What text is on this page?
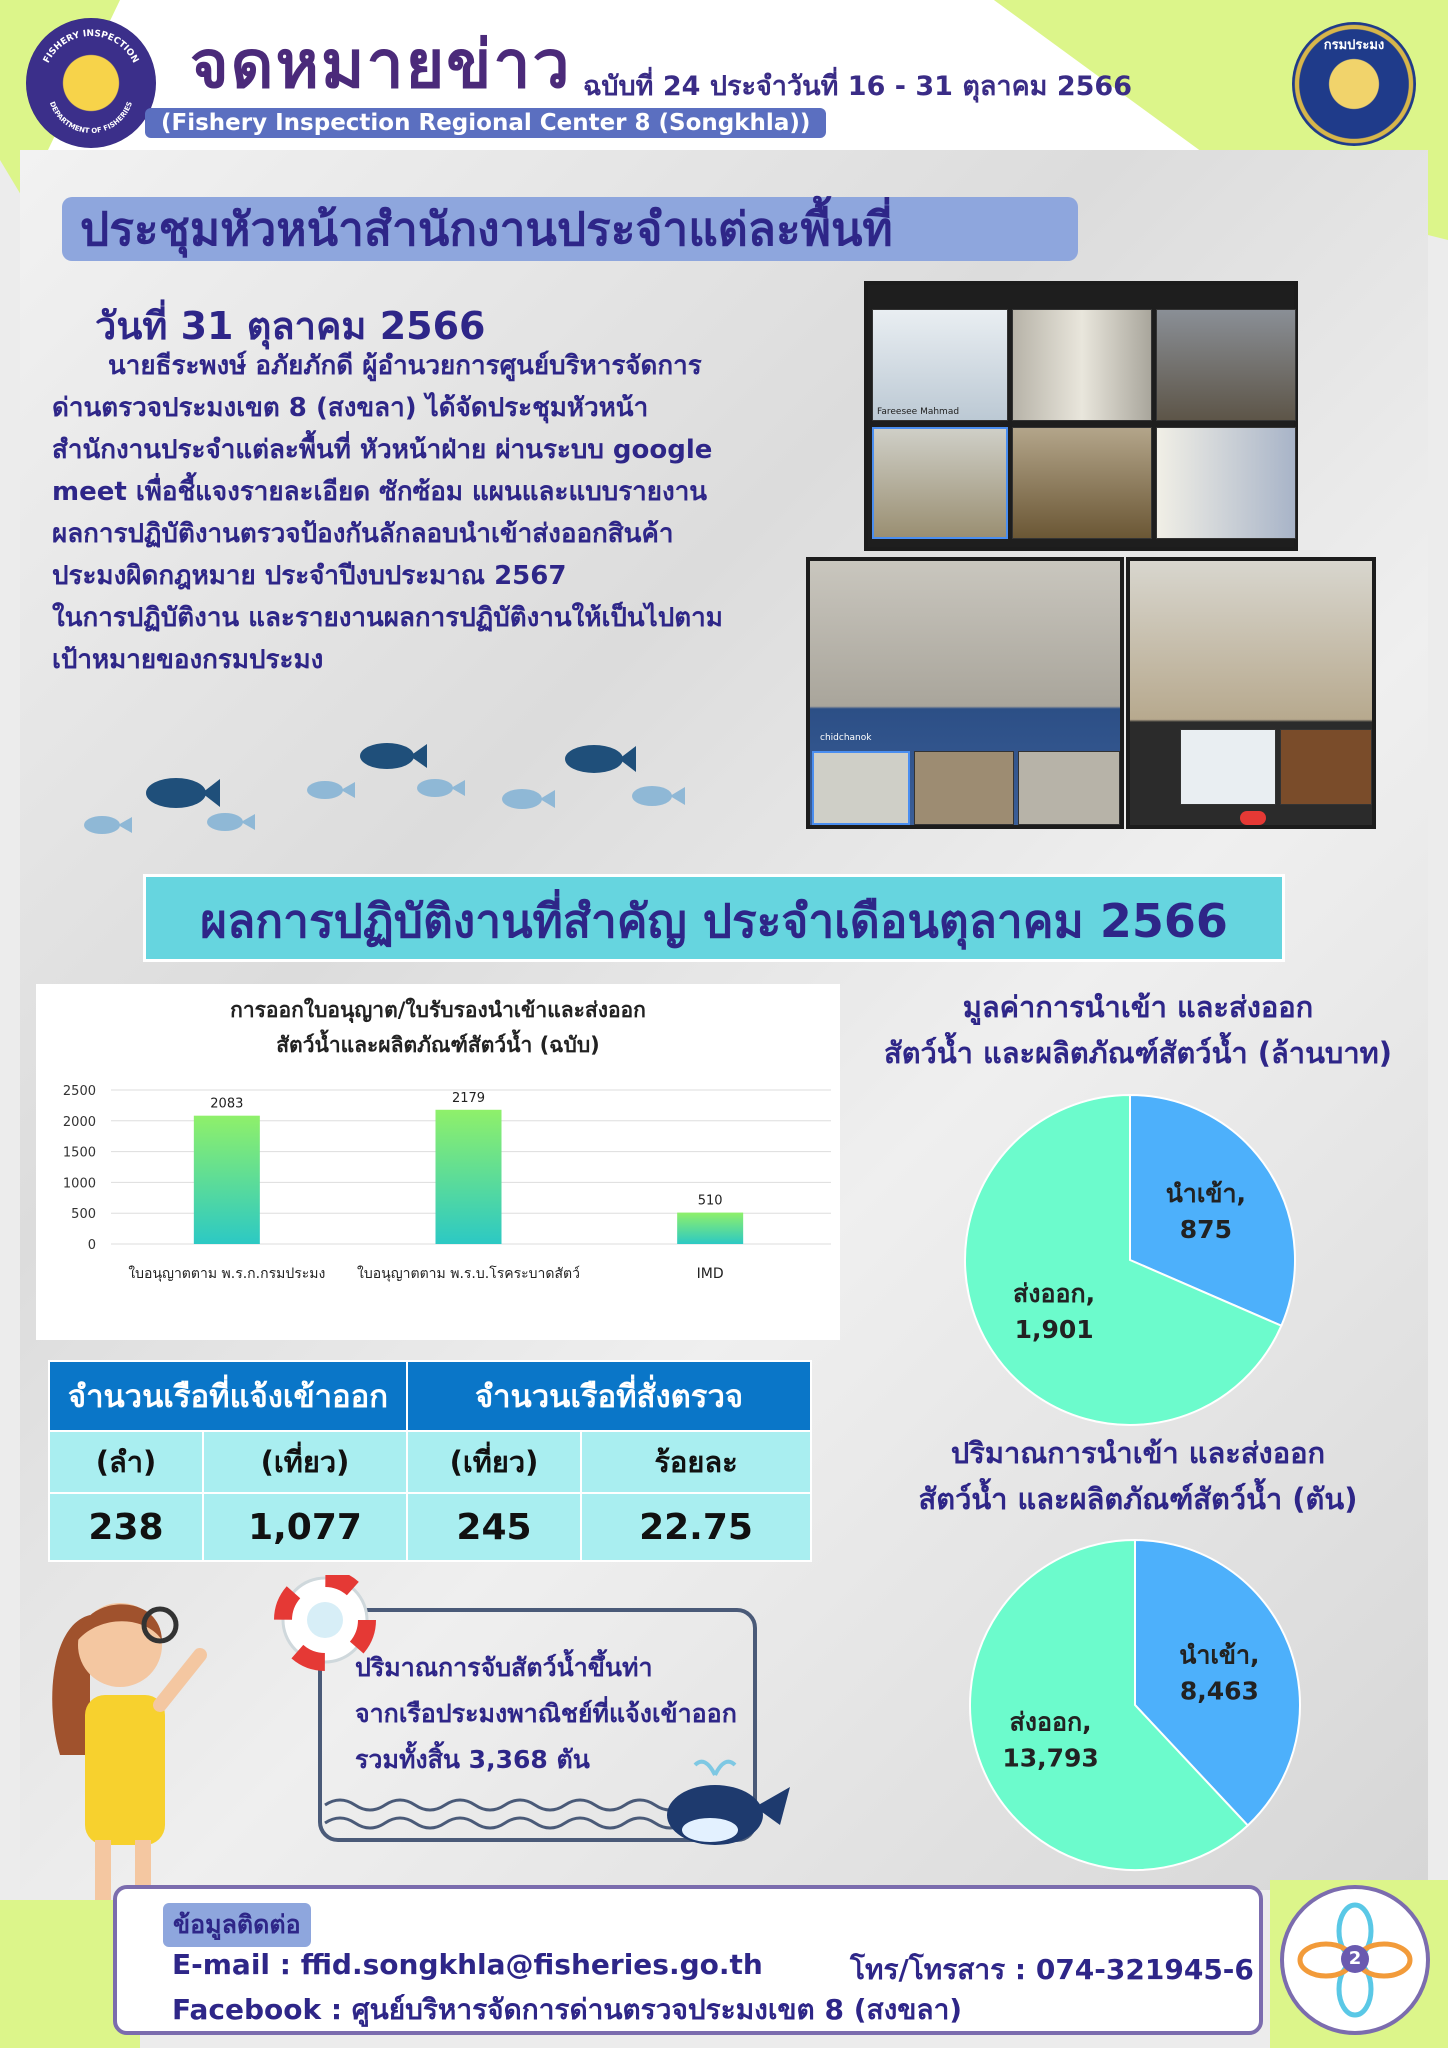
FISHERY INSPECTION
DEPARTMENT OF FISHERIES
จดหมายข่าว ฉบับที่ 24 ประจำวันที่ 16 - 31 ตุลาคม 2566
(Fishery Inspection Regional Center 8 (Songkhla))
กรมประมง
ประชุมหัวหน้าสำนักงานประจำแต่ละพื้นที่
วันที่ 31 ตุลาคม 2566
นายธีระพงษ์ อภัยภักดี ผู้อำนวยการศูนย์บริหารจัดการ
ด่านตรวจประมงเขต 8 (สงขลา) ได้จัดประชุมหัวหน้า
สำนักงานประจำแต่ละพื้นที่ หัวหน้าฝ่าย ผ่านระบบ google
meet เพื่อชี้แจงรายละเอียด ซักซ้อม แผนและแบบรายงาน
ผลการปฏิบัติงานตรวจป้องกันลักลอบนำเข้าส่งออกสินค้า
ประมงผิดกฎหมาย ประจำปีงบประมาณ 2567
ในการปฏิบัติงาน และรายงานผลการปฏิบัติงานให้เป็นไปตาม
เป้าหมายของกรมประมง
Fareesee Mahmad
chidchanok
ผลการปฏิบัติงานที่สำคัญ ประจำเดือนตุลาคม 2566
การออกใบอนุญาต/ใบรับรองนำเข้าและส่งออก
สัตว์น้ำและผลิตภัณฑ์สัตว์น้ำ (ฉบับ)
0
500
1000
1500
2000
2500
2083
ใบอนุญาตตาม พ.ร.ก.กรมประมง
2179
ใบอนุญาตตาม พ.ร.บ.โรคระบาดสัตว์
510
IMD
มูลค่าการนำเข้า และส่งออก
สัตว์น้ำ และผลิตภัณฑ์สัตว์น้ำ (ล้านบาท)
นำเข้า,
875
ส่งออก,
1,901
ปริมาณการนำเข้า และส่งออก
สัตว์น้ำ และผลิตภัณฑ์สัตว์น้ำ (ตัน)
นำเข้า,
8,463
ส่งออก,
13,793
จำนวนเรือที่แจ้งเข้าออก		จำนวนเรือที่สั่งตรวจ	
(ลำ)	(เที่ยว)	(เที่ยว)	ร้อยละ
238	1,077	245	22.75
ปริมาณการจับสัตว์น้ำขึ้นท่า
จากเรือประมงพาณิชย์ที่แจ้งเข้าออก
รวมทั้งสิ้น 3,368 ตัน
ข้อมูลติดต่อ
E-mail : ffid.songkhla@fisheries.go.th	โทร/โทรสาร : 074-321945-6
Facebook : ศูนย์บริหารจัดการด่านตรวจประมงเขต 8 (สงขลา)
2
